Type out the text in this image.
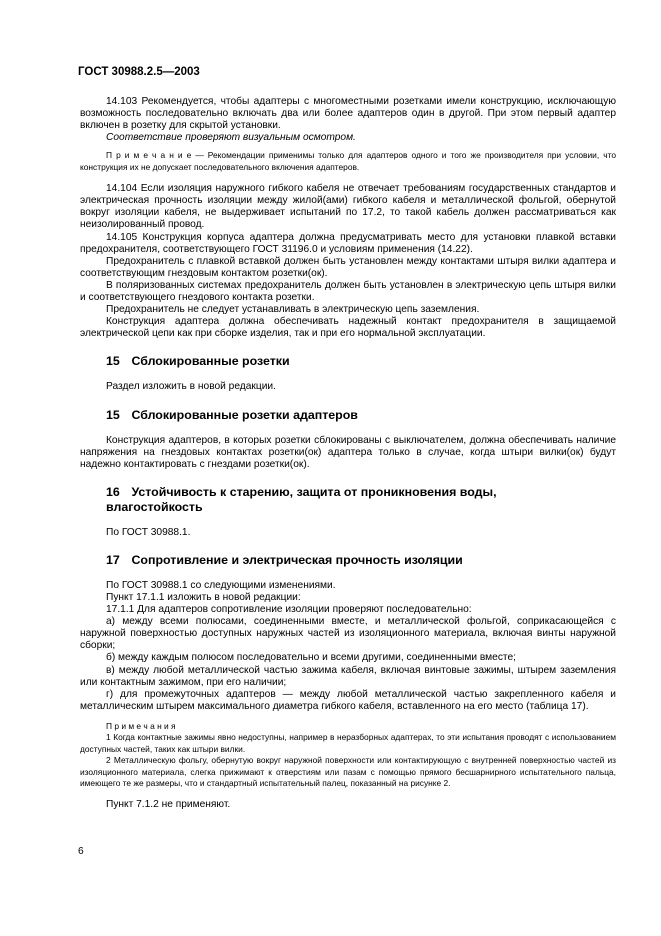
ГОСТ 30988.2.5—2003

14.103 Рекомендуется, чтобы адаптеры с многоместными розетками имели конструкцию, исключающую возможность последовательно включать два или более адаптеров один в другой. При этом первый адаптер включен в розетку для скрытой установки.

Соответствие проверяют визуальным осмотром.

П р и м е ч а н и е — Рекомендации применимы только для адаптеров одного и того же производителя при условии, что конструкция их не допускает последовательного включения адаптеров.

14.104 Если изоляция наружного гибкого кабеля не отвечает требованиям государственных стандартов и электрическая прочность изоляции между жилой(ами) гибкого кабеля и металлической фольгой, обернутой вокруг изоляции кабеля, не выдерживает испытаний по 17.2, то такой кабель должен рассматриваться как неизолированный провод.

14.105 Конструкция корпуса адаптера должна предусматривать место для установки плавкой вставки предохранителя, соответствующего ГОСТ 31196.0 и условиям применения (14.22).

Предохранитель с плавкой вставкой должен быть установлен между контактами штыря вилки адаптера и соответствующим гнездовым контактом розетки(ок).

В поляризованных системах предохранитель должен быть установлен в электрическую цепь штыря вилки и соответствующего гнездового контакта розетки.

Предохранитель не следует устанавливать в электрическую цепь заземления.

Конструкция адаптера должна обеспечивать надежный контакт предохранителя в защищаемой электрической цепи как при сборке изделия, так и при его нормальной эксплуатации.

15 Сблокированные розетки

Раздел изложить в новой редакции.

15 Сблокированные розетки адаптеров

Конструкция адаптеров, в которых розетки сблокированы с выключателем, должна обеспечивать наличие напряжения на гнездовых контактах розетки(ок) адаптера только в случае, когда штыри вилки(ок) будут надежно контактировать с гнездами розетки(ок).

16 Устойчивость к старению, защита от проникновения воды,
влагостойкость

По ГОСТ 30988.1.

17 Сопротивление и электрическая прочность изоляции

По ГОСТ 30988.1 со следующими изменениями.

Пункт 17.1.1 изложить в новой редакции:

17.1.1 Для адаптеров сопротивление изоляции проверяют последовательно:

а) между всеми полюсами, соединенными вместе, и металлической фольгой, соприкасающейся с наружной поверхностью доступных наружных частей из изоляционного материала, включая винты наружной сборки;

б) между каждым полюсом последовательно и всеми другими, соединенными вместе;

в) между любой металлической частью зажима кабеля, включая винтовые зажимы, штырем заземления или контактным зажимом, при его наличии;

г) для промежуточных адаптеров — между любой металлической частью закрепленного кабеля и металлическим штырем максимального диаметра гибкого кабеля, вставленного на его место (таблица 17).

П р и м е ч а н и я

1 Когда контактные зажимы явно недоступны, например в неразборных адаптерах, то эти испытания проводят с использованием доступных частей, таких как штыри вилки.

2 Металлическую фольгу, обернутую вокруг наружной поверхности или контактирующую с внутренней поверхностью частей из изоляционного материала, слегка прижимают к отверстиям или пазам с помощью прямого бесшарнирного испытательного пальца, имеющего те же размеры, что и стандартный испытательный палец, показанный на рисунке 2.

Пункт 7.1.2 не применяют.

6
